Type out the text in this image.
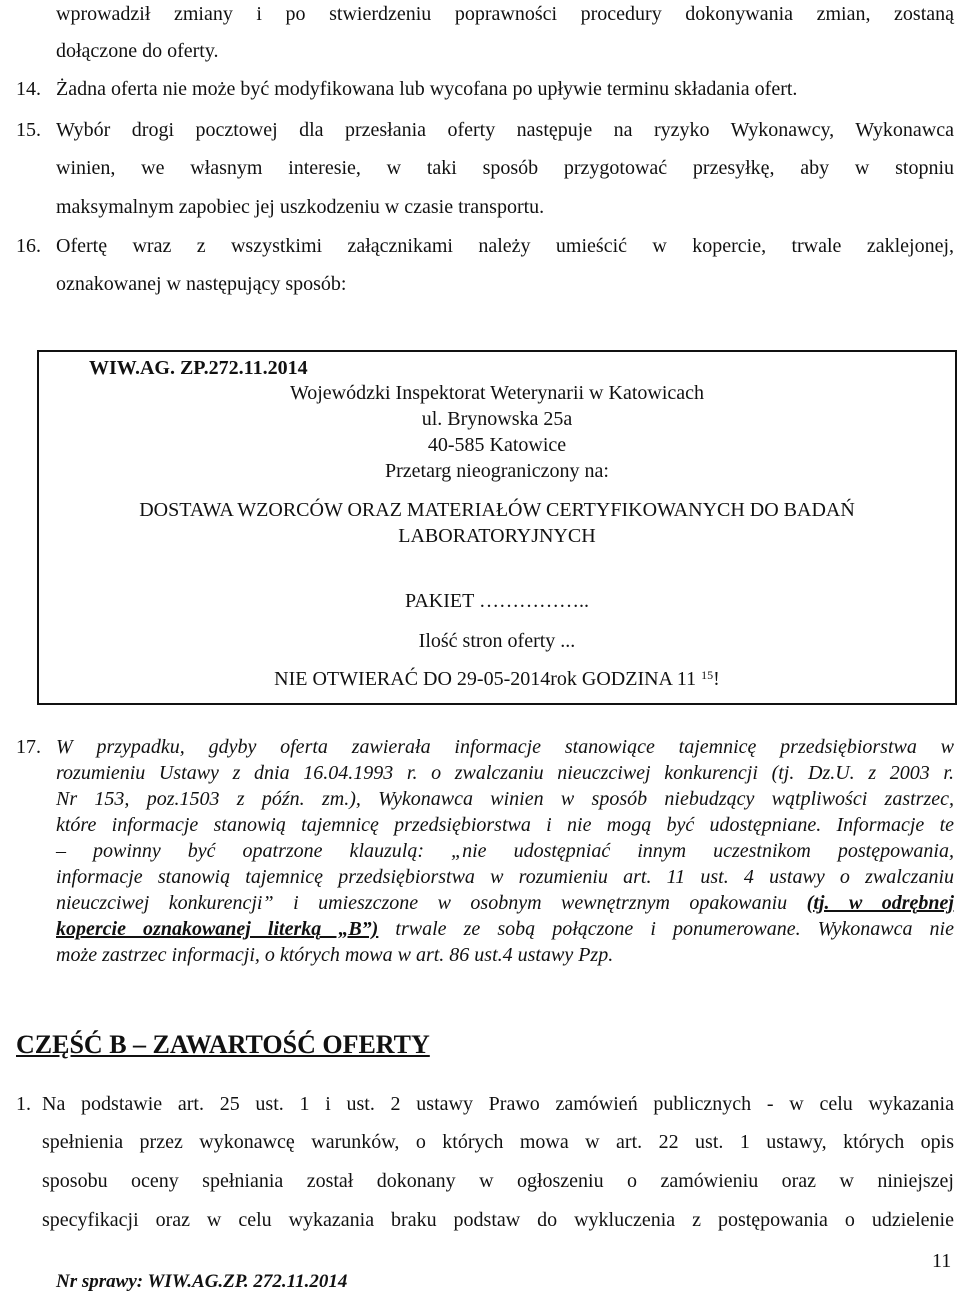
wprowadził zmiany i po stwierdzeniu poprawności procedury dokonywania zmian, zostaną
dołączone do oferty.
14. Żadna oferta nie może być modyfikowana lub wycofana po upływie terminu składania ofert.
15. Wybór drogi pocztowej dla przesłania oferty następuje na ryzyko Wykonawcy, Wykonawca
winien, we własnym interesie, w taki sposób przygotować przesyłkę, aby w stopniu
maksymalnym zapobiec jej uszkodzeniu w czasie transportu.
16. Ofertę wraz z wszystkimi załącznikami należy umieścić w kopercie, trwale zaklejonej,
oznakowanej w następujący sposób:
WIW.AG. ZP.272.11.2014
Wojewódzki Inspektorat Weterynarii w Katowicach
ul. Brynowska 25a
40-585 Katowice
Przetarg nieograniczony na:
DOSTAWA WZORCÓW ORAZ MATERIAŁÓW CERTYFIKOWANYCH DO BADAŃ
LABORATORYJNYCH
PAKIET ……………..
Ilość stron oferty ...
NIE OTWIERAĆ DO 29-05-2014rok GODZINA 11 $^{15}$!
17. W przypadku, gdyby oferta zawierała informacje stanowiące tajemnicę przedsiębiorstwa w
rozumieniu Ustawy z dnia 16.04.1993 r. o zwalczaniu nieuczciwej konkurencji (tj. Dz.U. z 2003 r.
Nr 153, poz.1503 z późn. zm.), Wykonawca winien w sposób niebudzący wątpliwości zastrzec,
które informacje stanowią tajemnicę przedsiębiorstwa i nie mogą być udostępniane. Informacje te
– powinny być opatrzone klauzulą: „nie udostępniać innym uczestnikom postępowania,
informacje stanowią tajemnicę przedsiębiorstwa w rozumieniu art. 11 ust. 4 ustawy o zwalczaniu
nieuczciwej konkurencji” i umieszczone w osobnym wewnętrznym opakowaniu (tj. w odrębnej
kopercie oznakowanej literką „B”) trwale ze sobą połączone i ponumerowane. Wykonawca nie
może zastrzec informacji, o których mowa w art. 86 ust.4 ustawy Pzp.
CZĘŚĆ B – ZAWARTOŚĆ OFERTY
1. Na podstawie art. 25 ust. 1 i ust. 2 ustawy Prawo zamówień publicznych - w celu wykazania
spełnienia przez wykonawcę warunków, o których mowa w art. 22 ust. 1 ustawy, których opis
sposobu oceny spełniania został dokonany w ogłoszeniu o zamówieniu oraz w niniejszej
specyfikacji oraz w celu wykazania braku podstaw do wykluczenia z postępowania o udzielenie
11
Nr sprawy: WIW.AG.ZP. 272.11.2014
